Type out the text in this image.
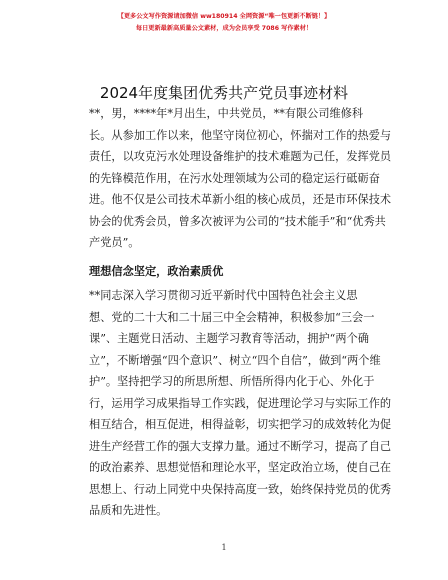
【更多公文写作资源请加微信 ww180914 全网资源“唯一包更新不断链！】
每日更新最新高质量公文素材，成为会员享受 7086 写作素材！
2024年度集团优秀共产党员事迹材料
**，男，****年*月出生，中共党员，**有限公司维修科
长。从参加工作以来，他坚守岗位初心，怀揣对工作的热爱与
责任，以攻克污水处理设备维护的技术难题为己任，发挥党员
的先锋模范作用，在污水处理领域为公司的稳定运行砥砺奋
进。他不仅是公司技术革新小组的核心成员，还是市环保技术
协会的优秀会员，曾多次被评为公司的“技术能手”和“优秀共
产党员”。
理想信念坚定，政治素质优
**同志深入学习贯彻习近平新时代中国特色社会主义思
想、党的二十大和二十届三中全会精神，积极参加“三会一
课”、主题党日活动、主题学习教育等活动，拥护“两个确
立”，不断增强“四个意识”、树立“四个自信”，做到“两个维
护”。坚持把学习的所思所想、所悟所得内化于心、外化于
行，运用学习成果指导工作实践，促进理论学习与实际工作的
相互结合，相互促进，相得益彰，切实把学习的成效转化为促
进生产经营工作的强大支撑力量。通过不断学习，提高了自己
的政治素养、思想觉悟和理论水平，坚定政治立场，使自己在
思想上、行动上同党中央保持高度一致，始终保持党员的优秀
品质和先进性。
1
